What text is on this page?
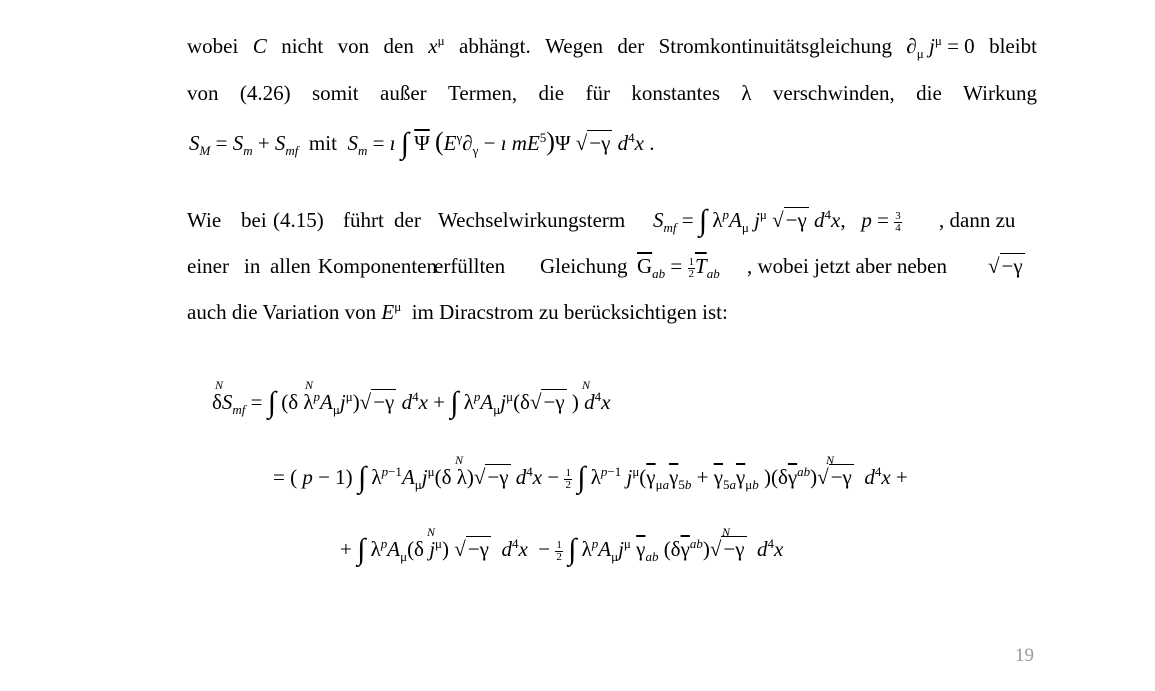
wobei C nicht von den $x^\mu$ abhängt. Wegen der Stromkontinuitätsgleichung $\partial_\mu$ $j^\mu = 0$ bleibt
von (4.26) somit außer Termen, die für konstantes λ verschwinden, die Wirkung
$S_M = S_m + S_{mf}$ mit $S_m$ = ı ∫ $\overline{\Psi}$ ($E^\gamma\partial_\gamma$ − ı $mE^5)\Psi$ √−γ $d^4x$ .
Wie bei (4.15) führt der Wechselwirkungsterm $S_{mf}$ = ∫ $\lambda^pA_\mu$ $j^\mu$ √−γ $d^4x$,   $p = \frac{3}{4}$ , dann zu
einer in allen Komponenten
erfüllten Gleichung $\overline{G}_{ab} = \frac{1}{2} \overline{T}_{ab}$ , wobei jetzt aber neben √−γ
auch die Variation von $E^\mu$ im Diracstrom zu berücksichtigen ist:
N	N	N
$\delta S_{mf}$ = ∫ (δ $\lambda^pA_\mu j^\mu)√-\gamma$ $d^4x$ + ∫ $\lambda^pA_\mu j^\mu(\delta√-\gamma$ ) $d^4x$
N	N
= ( p − 1) ∫ $\lambda^{p-1}A_\mu j^\mu(\delta$ λ)√−γ $d^4x - \frac{1}{2}$ ∫ $\lambda^{p-1}$ $j^\mu(\overline{\gamma}_{\mu a}\overline{\gamma}_{5b} + \overline{\gamma}_{5a}\overline{\gamma}_{\mu b}$ )$(\delta\overline{\gamma}^{ab})√-\gamma$ $d^4x$ +
N	N
+ ∫ $\lambda^pA_\mu(\delta$ $j^\mu$) √−γ $d^4x - \frac{1}{2}$ ∫ $\lambda^pA_\mu j^\mu$ $\overline{\gamma}_{ab}$ $(\delta\overline{\gamma}^{ab})√-\gamma$ $d^4x$
19
